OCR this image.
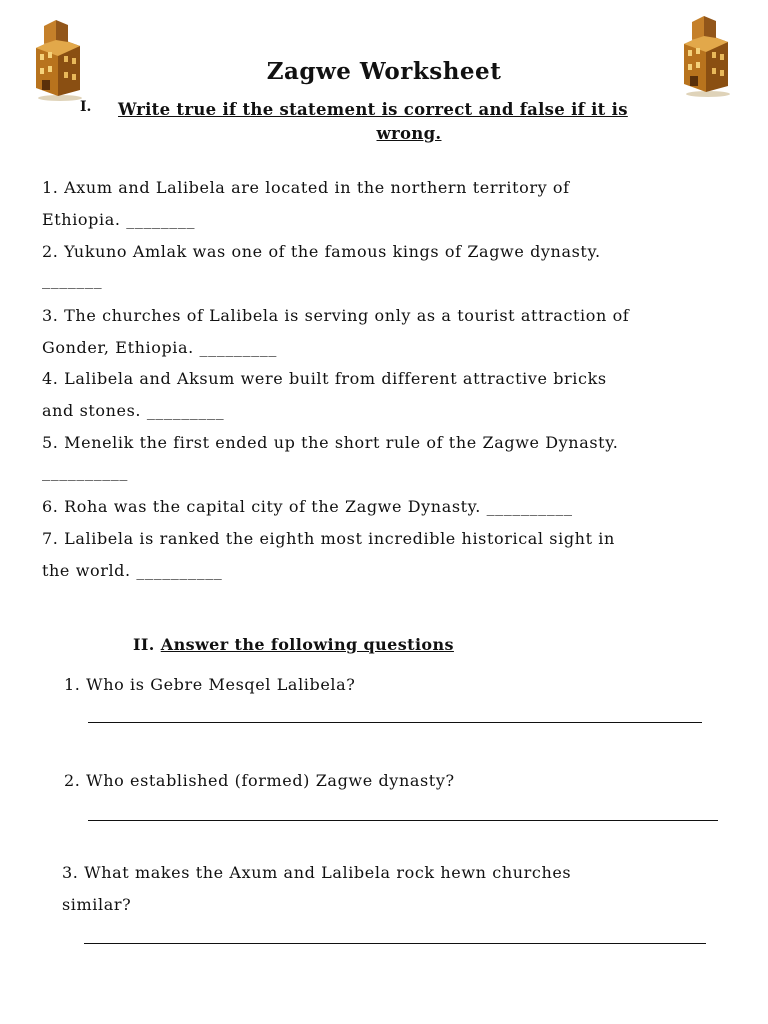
Zagwe Worksheet
I. Write true if the statement is correct and false if it is
wrong.
1. Axum and Lalibela are located in the northern territory of
Ethiopia. ________
2. Yukuno Amlak was one of the famous kings of Zagwe dynasty.
_______
3. The churches of Lalibela is serving only as a tourist attraction of
Gonder, Ethiopia. _________
4. Lalibela and Aksum were built from different attractive bricks
and stones. _________
5. Menelik the first ended up the short rule of the Zagwe Dynasty.
__________
6. Roha was the capital city of the Zagwe Dynasty. __________
7. Lalibela is ranked the eighth most incredible historical sight in
the world. __________
II. Answer the following questions
1. Who is Gebre Mesqel Lalibela?
2. Who established (formed) Zagwe dynasty?
3. What makes the Axum and Lalibela rock hewn churches
similar?
